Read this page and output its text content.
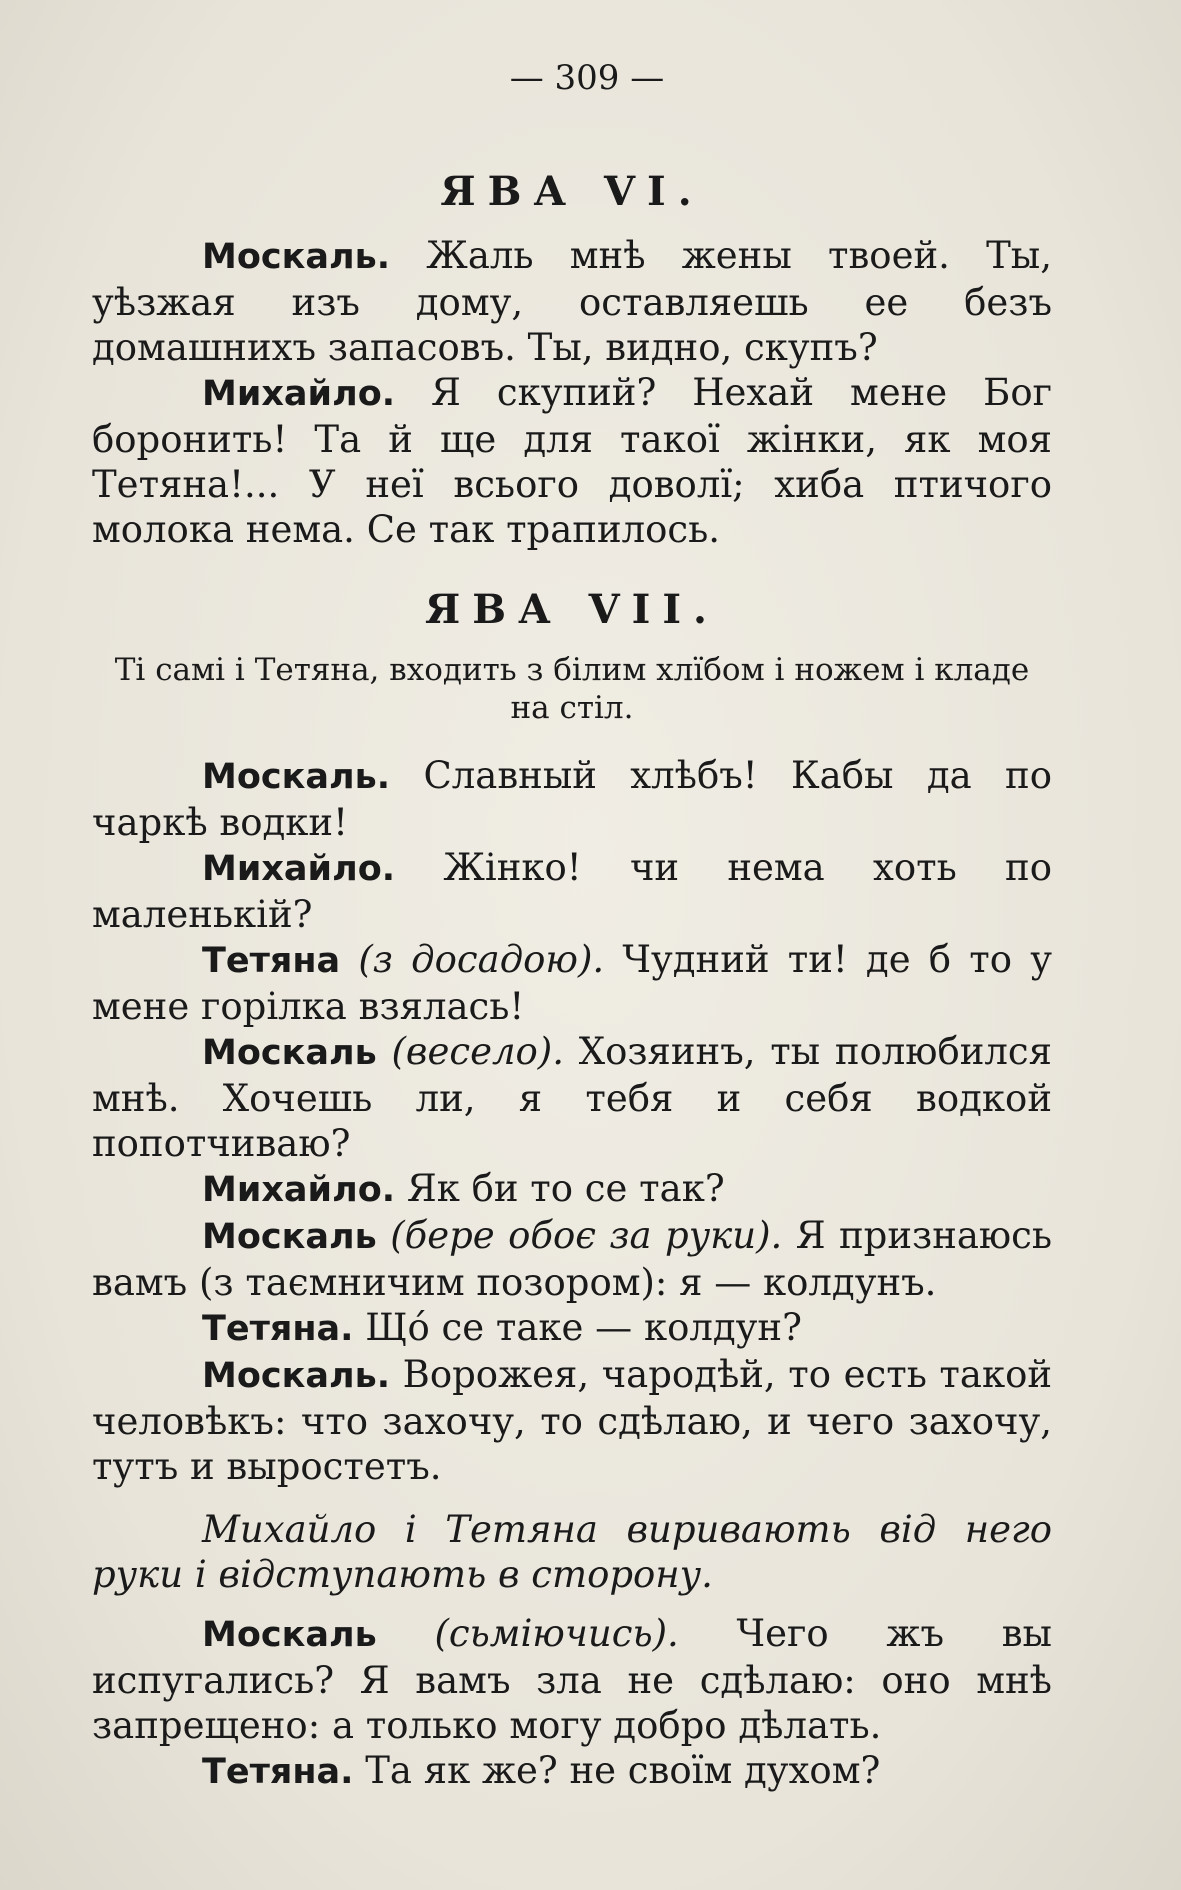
— 309 —
ЯВА VI.

Москаль. Жаль мнѣ жены твоей. Ты, уѣзжая изъ дому, оставляешь ее безъ домашнихъ запасовъ. Ты, видно, скупъ?

Михайло. Я скупий? Нехай мене Бог боронить! Та й ще для такої жінки, як моя Тетяна!... У неї всього доволї; хиба птичого молока нема. Се так трапилось.

ЯВА VII.

Ті самі і Тетяна, входить з білим хлїбом і ножем і кладе на стіл.

Москаль. Славный хлѣбъ! Кабы да по чаркѣ водки!

Михайло. Жінко! чи нема хоть по маленькій?

Тетяна (з досадою). Чудний ти! де б то у мене горілка взялась!

Москаль (весело). Хозяинъ, ты полюбился мнѣ. Хочешь ли, я тебя и себя водкой попотчиваю?

Михайло. Як би то се так?

Москаль (бере обоє за руки). Я признаюсь вамъ (з таємничим позором): я — колдунъ.

Тетяна. Щó се таке — колдун?

Москаль. Ворожея, чародѣй, то есть такой человѣкъ: что захочу, то сдѣлаю, и чего захочу, тутъ и выростетъ.

Михайло і Тетяна виривають від него руки і відступають в сторону.

Москаль (сьміючись). Чего жъ вы испугались? Я вамъ зла не сдѣлаю: оно мнѣ запрещено: а только могу добро дѣлать.

Тетяна. Та як же? не своїм духом?
